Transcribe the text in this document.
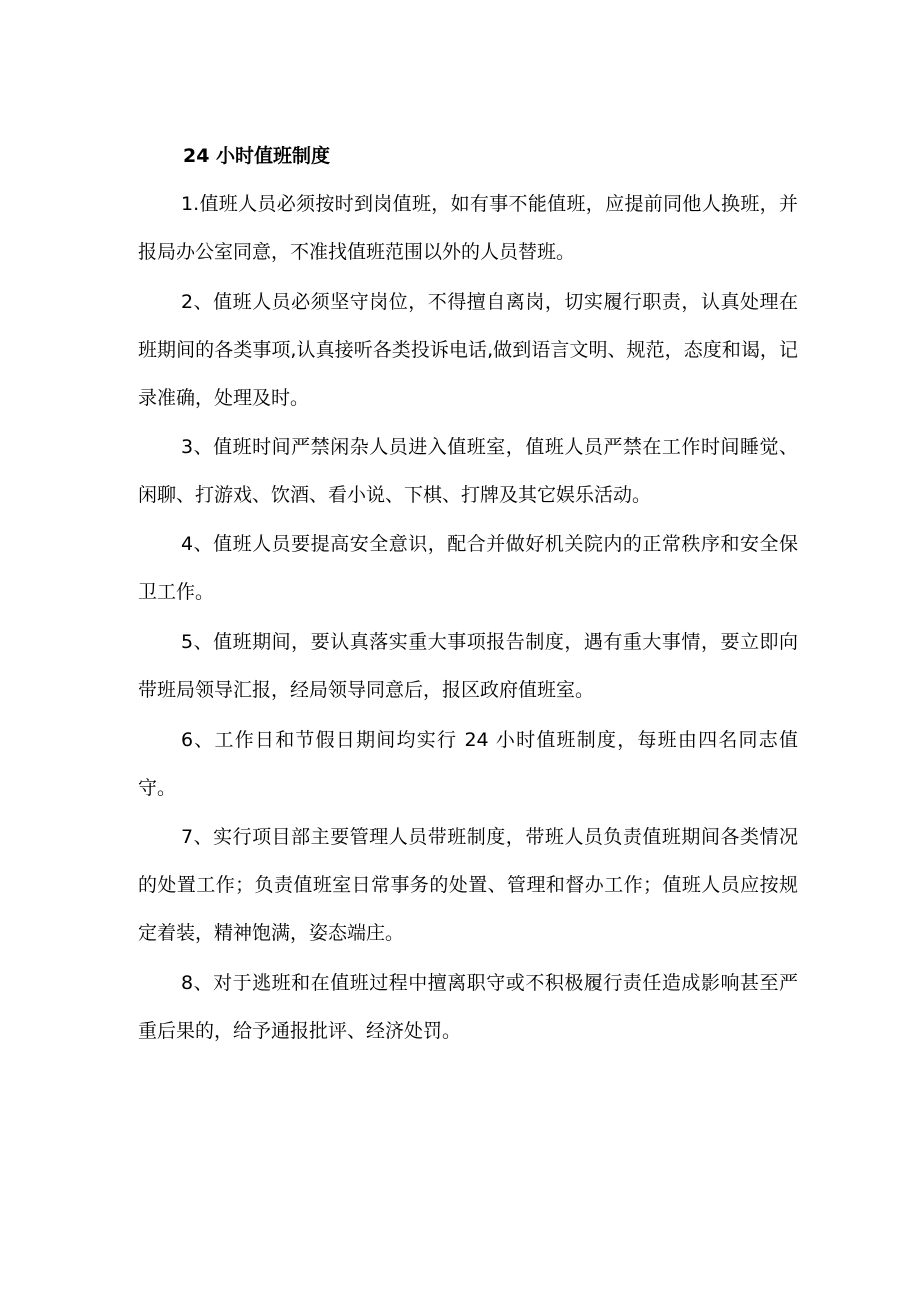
24 小时值班制度

1.值班人员必须按时到岗值班，如有事不能值班，应提前同他人换班，并报局办公室同意，不准找值班范围以外的人员替班。

2、值班人员必须坚守岗位，不得擅自离岗，切实履行职责，认真处理在班期间的各类事项,认真接听各类投诉电话,做到语言文明、规范，态度和谒，记录准确，处理及时。

3、值班时间严禁闲杂人员进入值班室，值班人员严禁在工作时间睡觉、闲聊、打游戏、饮酒、看小说、下棋、打牌及其它娱乐活动。

4、值班人员要提高安全意识，配合并做好机关院内的正常秩序和安全保卫工作。

5、值班期间，要认真落实重大事项报告制度，遇有重大事情，要立即向带班局领导汇报，经局领导同意后，报区政府值班室。

6、工作日和节假日期间均实行 24 小时值班制度，每班由四名同志值守。

7、实行项目部主要管理人员带班制度，带班人员负责值班期间各类情况的处置工作；负责值班室日常事务的处置、管理和督办工作；值班人员应按规定着装，精神饱满，姿态端庄。

8、对于逃班和在值班过程中擅离职守或不积极履行责任造成影响甚至严重后果的，给予通报批评、经济处罚。
